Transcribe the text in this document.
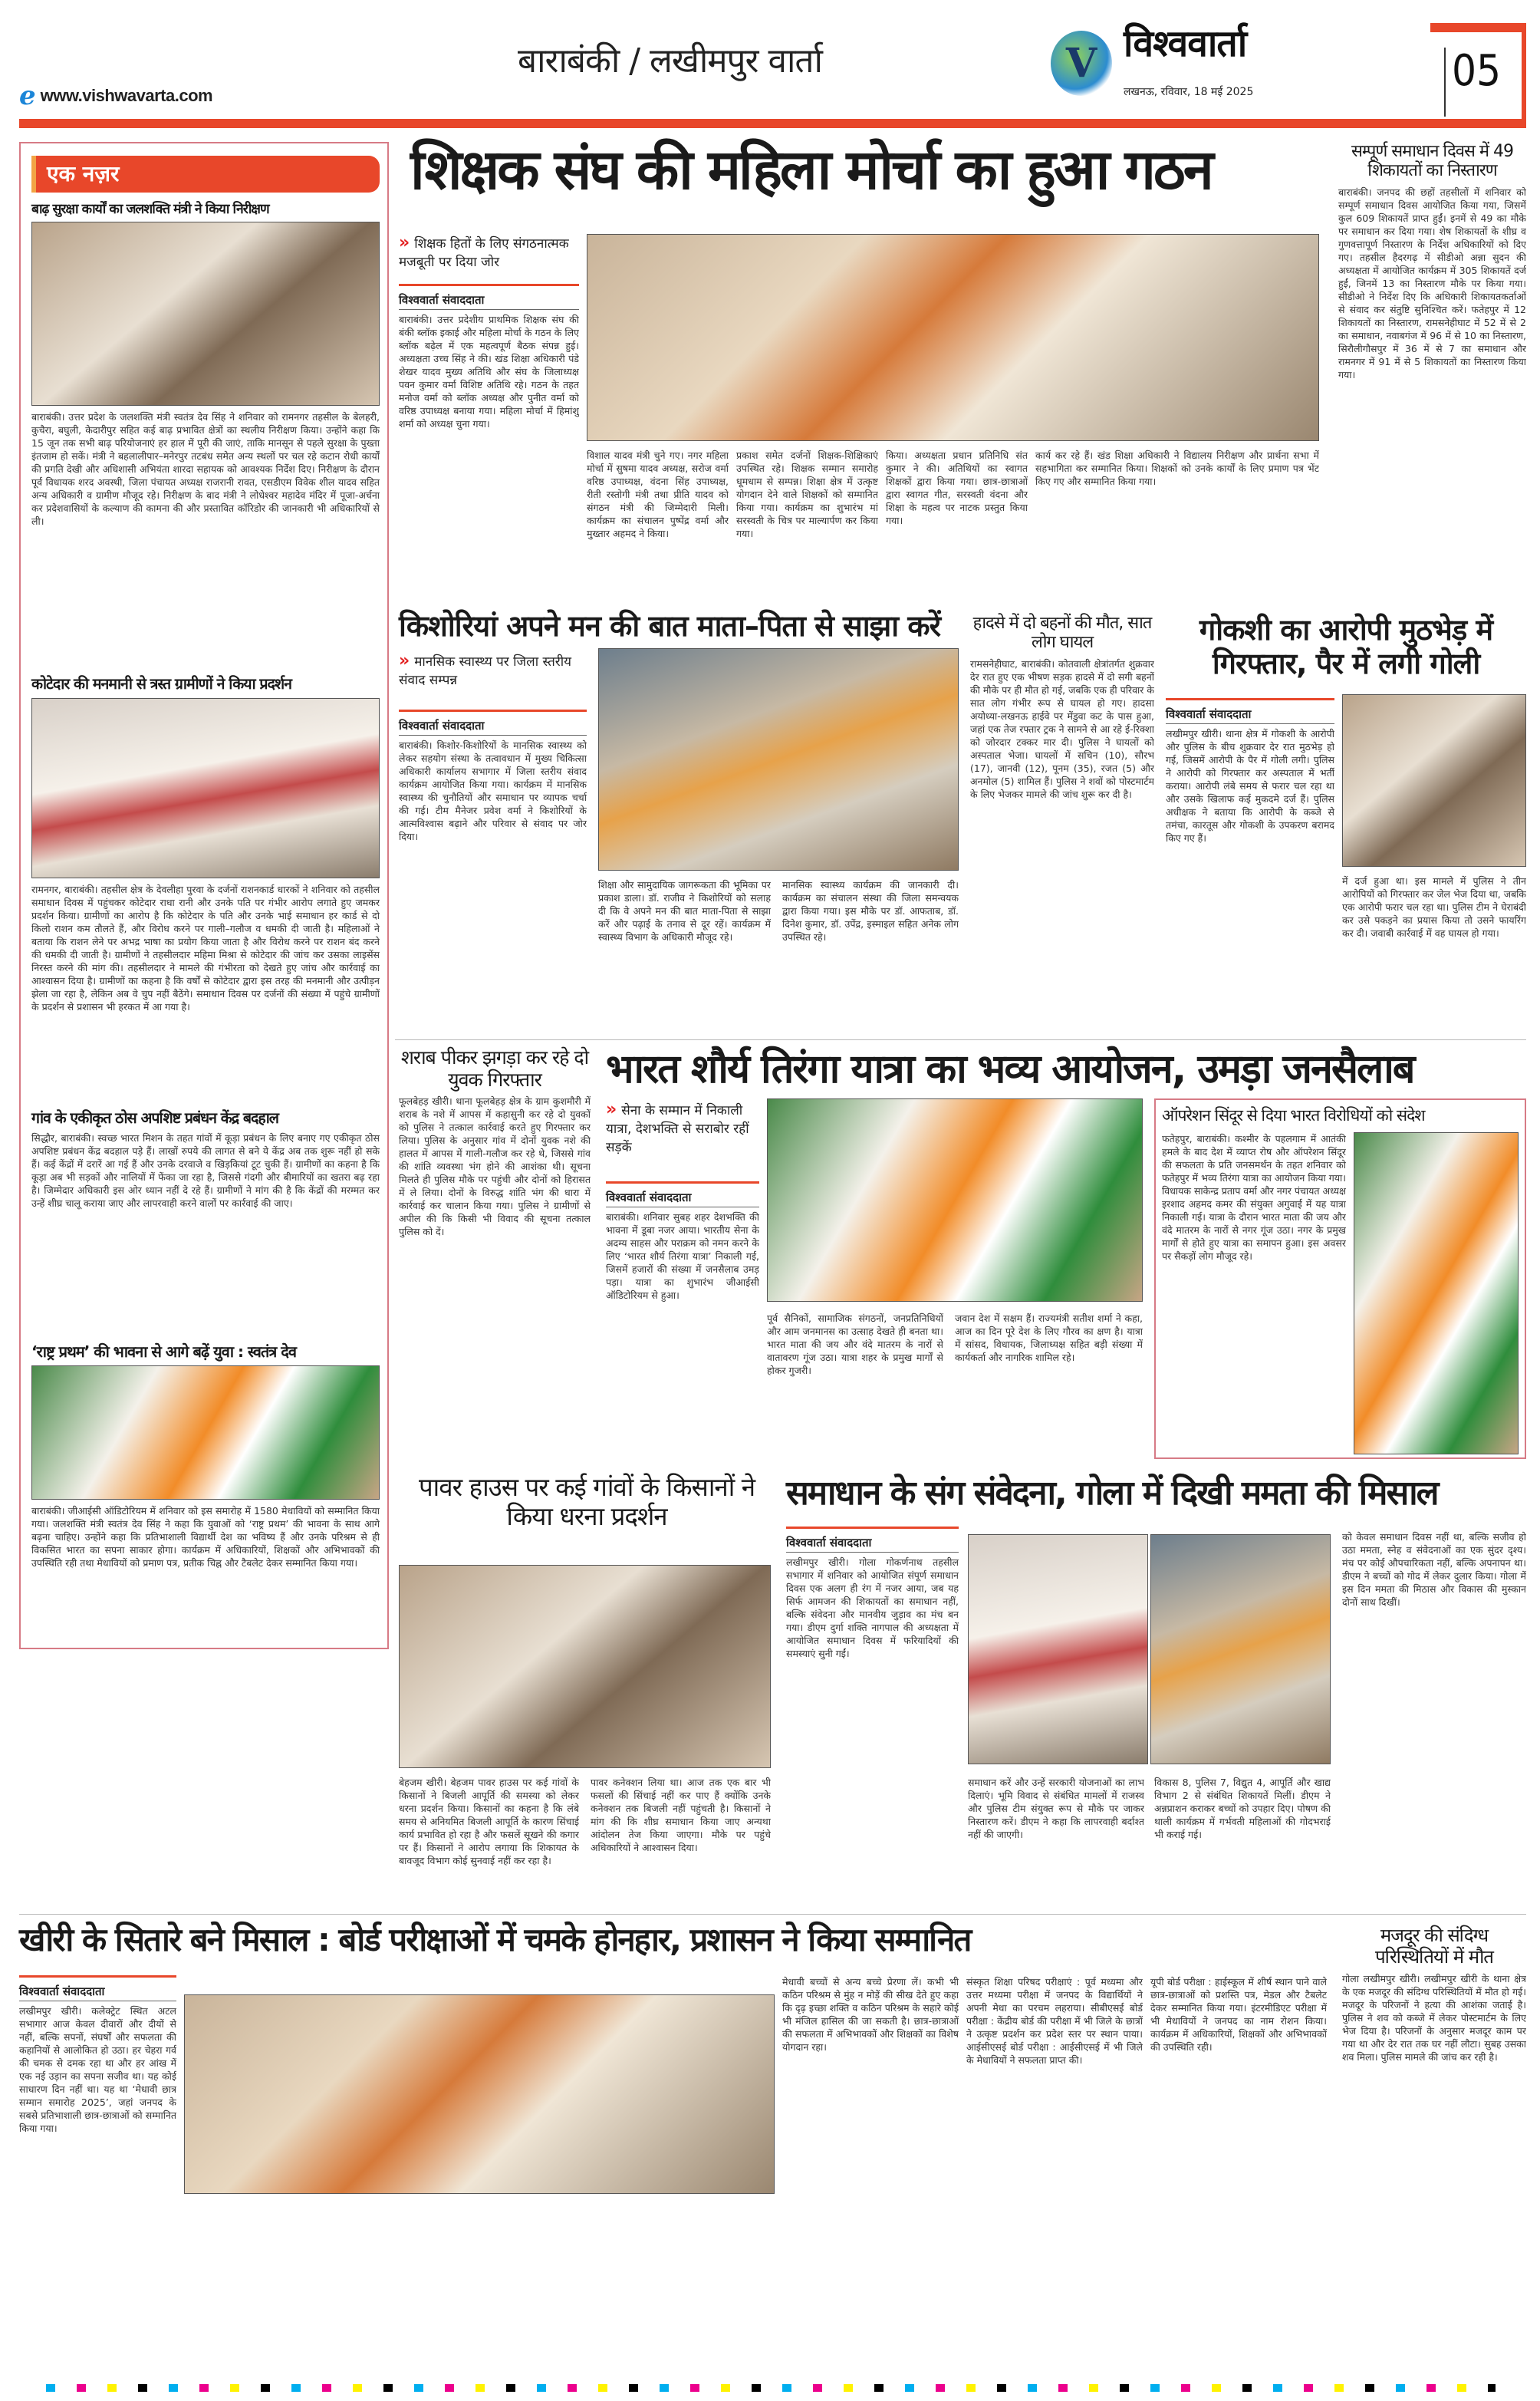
e www.vishwavarta.com
बाराबंकी / लखीमपुर वार्ता	V विश्ववार्ता
लखनऊ, रविवार, 18 मई 2025	05
एक नज़र
बाढ़ सुरक्षा कार्यों का जलशक्ति मंत्री ने किया निरीक्षण
बाराबंकी। उत्तर प्रदेश के जलशक्ति मंत्री स्वतंत्र देव सिंह ने शनिवार को रामनगर तहसील के बेलहरी, कुचैरा, बघुली, केदारीपुर सहित कई बाढ़ प्रभावित क्षेत्रों का स्थलीय निरीक्षण किया। उन्होंने कहा कि 15 जून तक सभी बाढ़ परियोजनाएं हर हाल में पूरी की जाएं, ताकि मानसून से पहले सुरक्षा के पुख्ता इंतजाम हो सकें। मंत्री ने बहलालीपार–मनेरपुर तटबंध समेत अन्य स्थलों पर चल रहे कटान रोधी कार्यों की प्रगति देखी और अधिशासी अभियंता शारदा सहायक को आवश्यक निर्देश दिए। निरीक्षण के दौरान पूर्व विधायक शरद अवस्थी, जिला पंचायत अध्यक्ष राजरानी रावत, एसडीएम विवेक शील यादव सहित अन्य अधिकारी व ग्रामीण मौजूद रहे। निरीक्षण के बाद मंत्री ने लोधेश्वर महादेव मंदिर में पूजा-अर्चना कर प्रदेशवासियों के कल्याण की कामना की और प्रस्तावित कॉरिडोर की जानकारी भी अधिकारियों से ली।
कोटेदार की मनमानी से त्रस्त ग्रामीणों ने किया प्रदर्शन
रामनगर, बाराबंकी। तहसील क्षेत्र के देवलीहा पुरवा के दर्जनों राशनकार्ड धारकों ने शनिवार को तहसील समाधान दिवस में पहुंचकर कोटेदार राधा रानी और उनके पति पर गंभीर आरोप लगाते हुए जमकर प्रदर्शन किया। ग्रामीणों का आरोप है कि कोटेदार के पति और उनके भाई समाधान हर कार्ड से दो किलो राशन कम तौलते हैं, और विरोध करने पर गाली–गलौज व धमकी दी जाती है। महिलाओं ने बताया कि राशन लेने पर अभद्र भाषा का प्रयोग किया जाता है और विरोध करने पर राशन बंद करने की धमकी दी जाती है। ग्रामीणों ने तहसीलदार महिमा मिश्रा से कोटेदार की जांच कर उसका लाइसेंस निरस्त करने की मांग की। तहसीलदार ने मामले की गंभीरता को देखते हुए जांच और कार्रवाई का आश्वासन दिया है। ग्रामीणों का कहना है कि वर्षों से कोटेदार द्वारा इस तरह की मनमानी और उत्पीड़न झेला जा रहा है, लेकिन अब वे चुप नहीं बैठेंगे। समाधान दिवस पर दर्जनों की संख्या में पहुंचे ग्रामीणों के प्रदर्शन से प्रशासन भी हरकत में आ गया है।
गांव के एकीकृत ठोस अपशिष्ट प्रबंधन केंद्र बदहाल
सिद्धौर, बाराबंकी। स्वच्छ भारत मिशन के तहत गांवों में कूड़ा प्रबंधन के लिए बनाए गए एकीकृत ठोस अपशिष्ट प्रबंधन केंद्र बदहाल पड़े हैं। लाखों रुपये की लागत से बने ये केंद्र अब तक शुरू नहीं हो सके हैं। कई केंद्रों में दरारें आ गई हैं और उनके दरवाजे व खिड़कियां टूट चुकी हैं। ग्रामीणों का कहना है कि कूड़ा अब भी सड़कों और नालियों में फेंका जा रहा है, जिससे गंदगी और बीमारियों का खतरा बढ़ रहा है। जिम्मेदार अधिकारी इस ओर ध्यान नहीं दे रहे हैं। ग्रामीणों ने मांग की है कि केंद्रों की मरम्मत कर उन्हें शीघ्र चालू कराया जाए और लापरवाही करने वालों पर कार्रवाई की जाए।
‘राष्ट्र प्रथम’ की भावना से आगे बढ़ें युवा : स्वतंत्र देव
बाराबंकी। जीआईसी ऑडिटोरियम में शनिवार को इस समारोह में 1580 मेधावियों को सम्मानित किया गया। जलशक्ति मंत्री स्वतंत्र देव सिंह ने कहा कि युवाओं को ‘राष्ट्र प्रथम’ की भावना के साथ आगे बढ़ना चाहिए। उन्होंने कहा कि प्रतिभाशाली विद्यार्थी देश का भविष्य हैं और उनके परिश्रम से ही विकसित भारत का सपना साकार होगा। कार्यक्रम में अधिकारियों, शिक्षकों और अभिभावकों की उपस्थिति रही तथा मेधावियों को प्रमाण पत्र, प्रतीक चिह्न और टैबलेट देकर सम्मानित किया गया।
शिक्षक संघ की महिला मोर्चा का हुआ गठन
» शिक्षक हितों के लिए संगठनात्मक मजबूती पर दिया जोर
विश्ववार्ता संवाददाता
बाराबंकी। उत्तर प्रदेशीय प्राथमिक शिक्षक संघ की बंकी ब्लॉक इकाई और महिला मोर्चा के गठन के लिए ब्लॉक बढ़ेल में एक महत्वपूर्ण बैठक संपन्न हुई। अध्यक्षता उच्च सिंह ने की। खंड शिक्षा अधिकारी पंडे शेखर यादव मुख्य अतिथि और संघ के जिलाध्यक्ष पवन कुमार वर्मा विशिष्ट अतिथि रहे। गठन के तहत मनोज वर्मा को ब्लॉक अध्यक्ष और पुनीत वर्मा को वरिष्ठ उपाध्यक्ष बनाया गया। महिला मोर्चा में हिमांशु शर्मा को अध्यक्ष चुना गया।
विशाल यादव मंत्री चुने गए। नगर महिला मोर्चा में सुषमा यादव अध्यक्ष, सरोज वर्मा वरिष्ठ उपाध्यक्ष, वंदना सिंह उपाध्यक्ष, रीती रस्तोगी मंत्री तथा प्रीति यादव को संगठन मंत्री की जिम्मेदारी मिली। कार्यक्रम का संचालन पुष्पेंद्र वर्मा और मुख्तार अहमद ने किया।
प्रकाश समेत दर्जनों शिक्षक-शिक्षिकाएं उपस्थित रहे। शिक्षक सम्मान समारोह धूमधाम से सम्पन्न। शिक्षा क्षेत्र में उत्कृष्ट योगदान देने वाले शिक्षकों को सम्मानित किया गया। कार्यक्रम का शुभारंभ मां सरस्वती के चित्र पर माल्यार्पण कर किया गया।
किया। अध्यक्षता प्रधान प्रतिनिधि संत कुमार ने की। अतिथियों का स्वागत शिक्षकों द्वारा किया गया। छात्र-छात्राओं द्वारा स्वागत गीत, सरस्वती वंदना और शिक्षा के महत्व पर नाटक प्रस्तुत किया गया।
कार्य कर रहे हैं। खंड शिक्षा अधिकारी ने विद्यालय निरीक्षण और प्रार्थना सभा में सहभागिता कर सम्मानित किया। शिक्षकों को उनके कार्यों के लिए प्रमाण पत्र भेंट किए गए और सम्मानित किया गया।
सम्पूर्ण समाधान दिवस में 49 शिकायतों का निस्तारण
बाराबंकी। जनपद की छहों तहसीलों में शनिवार को सम्पूर्ण समाधान दिवस आयोजित किया गया, जिसमें कुल 609 शिकायतें प्राप्त हुईं। इनमें से 49 का मौके पर समाधान कर दिया गया। शेष शिकायतों के शीघ्र व गुणवत्तापूर्ण निस्तारण के निर्देश अधिकारियों को दिए गए। तहसील हैदरगढ़ में सीडीओ अन्ना सुदन की अध्यक्षता में आयोजित कार्यक्रम में 305 शिकायतें दर्ज हुईं, जिनमें 13 का निस्तारण मौके पर किया गया। सीडीओ ने निर्देश दिए कि अधिकारी शिकायतकर्ताओं से संवाद कर संतुष्टि सुनिश्चित करें। फतेहपुर में 12 शिकायतों का निस्तारण, रामसनेहीघाट में 52 में से 2 का समाधान, नवाबगंज में 96 में से 10 का निस्तारण, सिरौलीगौसपुर में 36 में से 7 का समाधान और रामनगर में 91 में से 5 शिकायतों का निस्तारण किया गया।
किशोरियां अपने मन की बात माता–पिता से साझा करें
» मानसिक स्वास्थ्य पर जिला स्तरीय संवाद सम्पन्न
विश्ववार्ता संवाददाता
बाराबंकी। किशोर-किशोरियों के मानसिक स्वास्थ्य को लेकर सहयोग संस्था के तत्वावधान में मुख्य चिकित्सा अधिकारी कार्यालय सभागार में जिला स्तरीय संवाद कार्यक्रम आयोजित किया गया। कार्यक्रम में मानसिक स्वास्थ्य की चुनौतियों और समाधान पर व्यापक चर्चा की गई। टीम मैनेजर प्रवेश वर्मा ने किशोरियों के आत्मविश्वास बढ़ाने और परिवार से संवाद पर जोर दिया।
शिक्षा और सामुदायिक जागरूकता की भूमिका पर प्रकाश डाला। डॉ. राजीव ने किशोरियों को सलाह दी कि वे अपने मन की बात माता-पिता से साझा करें और पढ़ाई के तनाव से दूर रहें। कार्यक्रम में स्वास्थ्य विभाग के अधिकारी मौजूद रहे।
मानसिक स्वास्थ्य कार्यक्रम की जानकारी दी। कार्यक्रम का संचालन संस्था की जिला समन्वयक द्वारा किया गया। इस मौके पर डॉ. आफताब, डॉ. दिनेश कुमार, डॉ. उपेंद्र, इस्माइल सहित अनेक लोग उपस्थित रहे।
हादसे में दो बहनों की मौत, सात लोग घायल
रामसनेहीघाट, बाराबंकी। कोतवाली क्षेत्रांतर्गत शुक्रवार देर रात हुए एक भीषण सड़क हादसे में दो सगी बहनों की मौके पर ही मौत हो गई, जबकि एक ही परिवार के सात लोग गंभीर रूप से घायल हो गए। हादसा अयोध्या-लखनऊ हाईवे पर मेंडुवा कट के पास हुआ, जहां एक तेज रफ्तार ट्रक ने सामने से आ रहे ई-रिक्शा को जोरदार टक्कर मार दी। पुलिस ने घायलों को अस्पताल भेजा। घायलों में सचिन (10), सौरभ (17), जानवी (12), पूनम (35), रजत (5) और अनमोल (5) शामिल हैं। पुलिस ने शवों को पोस्टमार्टम के लिए भेजकर मामले की जांच शुरू कर दी है।
गोकशी का आरोपी मुठभेड़ में गिरफ्तार, पैर में लगी गोली
विश्ववार्ता संवाददाता
लखीमपुर खीरी। थाना क्षेत्र में गोकशी के आरोपी और पुलिस के बीच शुक्रवार देर रात मुठभेड़ हो गई, जिसमें आरोपी के पैर में गोली लगी। पुलिस ने आरोपी को गिरफ्तार कर अस्पताल में भर्ती कराया। आरोपी लंबे समय से फरार चल रहा था और उसके खिलाफ कई मुकदमे दर्ज हैं। पुलिस अधीक्षक ने बताया कि आरोपी के कब्जे से तमंचा, कारतूस और गोकशी के उपकरण बरामद किए गए हैं।
में दर्ज हुआ था। इस मामले में पुलिस ने तीन आरोपियों को गिरफ्तार कर जेल भेज दिया था, जबकि एक आरोपी फरार चल रहा था। पुलिस टीम ने घेराबंदी कर उसे पकड़ने का प्रयास किया तो उसने फायरिंग कर दी। जवाबी कार्रवाई में वह घायल हो गया।
शराब पीकर झगड़ा कर रहे दो युवक गिरफ्तार
फूलबेहड़ खीरी। थाना फूलबेहड़ क्षेत्र के ग्राम कुशमौरी में शराब के नशे में आपस में कहासुनी कर रहे दो युवकों को पुलिस ने तत्काल कार्रवाई करते हुए गिरफ्तार कर लिया। पुलिस के अनुसार गांव में दोनों युवक नशे की हालत में आपस में गाली-गलौज कर रहे थे, जिससे गांव की शांति व्यवस्था भंग होने की आशंका थी। सूचना मिलते ही पुलिस मौके पर पहुंची और दोनों को हिरासत में ले लिया। दोनों के विरुद्ध शांति भंग की धारा में कार्रवाई कर चालान किया गया। पुलिस ने ग्रामीणों से अपील की कि किसी भी विवाद की सूचना तत्काल पुलिस को दें।
भारत शौर्य तिरंगा यात्रा का भव्य आयोजन, उमड़ा जनसैलाब
» सेना के सम्मान में निकाली यात्रा, देशभक्ति से सराबोर रहीं सड़कें
विश्ववार्ता संवाददाता
बाराबंकी। शनिवार सुबह शहर देशभक्ति की भावना में डूबा नजर आया। भारतीय सेना के अदम्य साहस और पराक्रम को नमन करने के लिए ‘भारत शौर्य तिरंगा यात्रा’ निकाली गई, जिसमें हजारों की संख्या में जनसैलाब उमड़ पड़ा। यात्रा का शुभारंभ जीआईसी ऑडिटोरियम से हुआ।
पूर्व सैनिकों, सामाजिक संगठनों, जनप्रतिनिधियों और आम जनमानस का उत्साह देखते ही बनता था। भारत माता की जय और वंदे मातरम के नारों से वातावरण गूंज उठा। यात्रा शहर के प्रमुख मार्गों से होकर गुजरी।
जवान देश में सक्षम हैं। राज्यमंत्री सतीश शर्मा ने कहा, आज का दिन पूरे देश के लिए गौरव का क्षण है। यात्रा में सांसद, विधायक, जिलाध्यक्ष सहित बड़ी संख्या में कार्यकर्ता और नागरिक शामिल रहे।
ऑपरेशन सिंदूर से दिया भारत विरोधियों को संदेश
फतेहपुर, बाराबंकी। कश्मीर के पहलगाम में आतंकी हमले के बाद देश में व्याप्त रोष और ऑपरेशन सिंदूर की सफलता के प्रति जनसमर्थन के तहत शनिवार को फतेहपुर में भव्य तिरंगा यात्रा का आयोजन किया गया। विधायक साकेन्द्र प्रताप वर्मा और नगर पंचायत अध्यक्ष इरशाद अहमद कमर की संयुक्त अगुवाई में यह यात्रा निकाली गई। यात्रा के दौरान भारत माता की जय और वंदे मातरम के नारों से नगर गूंज उठा। नगर के प्रमुख मार्गों से होते हुए यात्रा का समापन हुआ। इस अवसर पर सैकड़ों लोग मौजूद रहे।
पावर हाउस पर कई गांवों के किसानों ने किया धरना प्रदर्शन
बेहजम खीरी। बेहजम पावर हाउस पर कई गांवों के किसानों ने बिजली आपूर्ति की समस्या को लेकर धरना प्रदर्शन किया। किसानों का कहना है कि लंबे समय से अनियमित बिजली आपूर्ति के कारण सिंचाई कार्य प्रभावित हो रहा है और फसलें सूखने की कगार पर हैं। किसानों ने आरोप लगाया कि शिकायत के बावजूद विभाग कोई सुनवाई नहीं कर रहा है।
पावर कनेक्शन लिया था। आज तक एक बार भी फसलों की सिंचाई नहीं कर पाए हैं क्योंकि उनके कनेक्शन तक बिजली नहीं पहुंचती है। किसानों ने मांग की कि शीघ्र समाधान किया जाए अन्यथा आंदोलन तेज किया जाएगा। मौके पर पहुंचे अधिकारियों ने आश्वासन दिया।
समाधान के संग संवेदना, गोला में दिखी ममता की मिसाल
विश्ववार्ता संवाददाता
लखीमपुर खीरी। गोला गोकर्णनाथ तहसील सभागार में शनिवार को आयोजित संपूर्ण समाधान दिवस एक अलग ही रंग में नजर आया, जब यह सिर्फ आमजन की शिकायतों का समाधान नहीं, बल्कि संवेदना और मानवीय जुड़ाव का मंच बन गया। डीएम दुर्गा शक्ति नागपाल की अध्यक्षता में आयोजित समाधान दिवस में फरियादियों की समस्याएं सुनी गईं।
समाधान करें और उन्हें सरकारी योजनाओं का लाभ दिलाएं। भूमि विवाद से संबंधित मामलों में राजस्व और पुलिस टीम संयुक्त रूप से मौके पर जाकर निस्तारण करें। डीएम ने कहा कि लापरवाही बर्दाश्त नहीं की जाएगी।
विकास 8, पुलिस 7, विद्युत 4, आपूर्ति और खाद्य विभाग 2 से संबंधित शिकायतें मिलीं। डीएम ने अन्नप्राशन कराकर बच्चों को उपहार दिए। पोषण की थाली कार्यक्रम में गर्भवती महिलाओं की गोदभराई भी कराई गई।
को केवल समाधान दिवस नहीं था, बल्कि सजीव हो उठा ममता, स्नेह व संवेदनाओं का एक सुंदर दृश्य। मंच पर कोई औपचारिकता नहीं, बल्कि अपनापन था। डीएम ने बच्चों को गोद में लेकर दुलार किया। गोला में इस दिन ममता की मिठास और विकास की मुस्कान दोनों साथ दिखीं।
खीरी के सितारे बने मिसाल : बोर्ड परीक्षाओं में चमके होनहार, प्रशासन ने किया सम्मानित
विश्ववार्ता संवाददाता
लखीमपुर खीरी। कलेक्ट्रेट स्थित अटल सभागार आज केवल दीवारों और दीयों से नहीं, बल्कि सपनों, संघर्षों और सफलता की कहानियों से आलोकित हो उठा। हर चेहरा गर्व की चमक से दमक रहा था और हर आंख में एक नई उड़ान का सपना सजीव था। यह कोई साधारण दिन नहीं था। यह था ‘मेधावी छात्र सम्मान समारोह 2025’, जहां जनपद के सबसे प्रतिभाशाली छात्र-छात्राओं को सम्मानित किया गया।
मेधावी बच्चों से अन्य बच्चे प्रेरणा लें। कभी भी कठिन परिश्रम से मुंह न मोड़ें की सीख देते हुए कहा कि दृढ़ इच्छा शक्ति व कठिन परिश्रम के सहारे कोई भी मंजिल हासिल की जा सकती है। छात्र-छात्राओं की सफलता में अभिभावकों और शिक्षकों का विशेष योगदान रहा।
संस्कृत शिक्षा परिषद परीक्षाएं : पूर्व मध्यमा और उत्तर मध्यमा परीक्षा में जनपद के विद्यार्थियों ने अपनी मेधा का परचम लहराया। सीबीएसई बोर्ड परीक्षा : केंद्रीय बोर्ड की परीक्षा में भी जिले के छात्रों ने उत्कृष्ट प्रदर्शन कर प्रदेश स्तर पर स्थान पाया। आईसीएसई बोर्ड परीक्षा : आईसीएसई में भी जिले के मेधावियों ने सफलता प्राप्त की।
यूपी बोर्ड परीक्षा : हाईस्कूल में शीर्ष स्थान पाने वाले छात्र-छात्राओं को प्रशस्ति पत्र, मेडल और टैबलेट देकर सम्मानित किया गया। इंटरमीडिएट परीक्षा में भी मेधावियों ने जनपद का नाम रोशन किया। कार्यक्रम में अधिकारियों, शिक्षकों और अभिभावकों की उपस्थिति रही।
मजदूर की संदिग्ध परिस्थितियों में मौत
गोला लखीमपुर खीरी। लखीमपुर खीरी के थाना क्षेत्र के एक मजदूर की संदिग्ध परिस्थितियों में मौत हो गई। मजदूर के परिजनों ने हत्या की आशंका जताई है। पुलिस ने शव को कब्जे में लेकर पोस्टमार्टम के लिए भेज दिया है। परिजनों के अनुसार मजदूर काम पर गया था और देर रात तक घर नहीं लौटा। सुबह उसका शव मिला। पुलिस मामले की जांच कर रही है।
